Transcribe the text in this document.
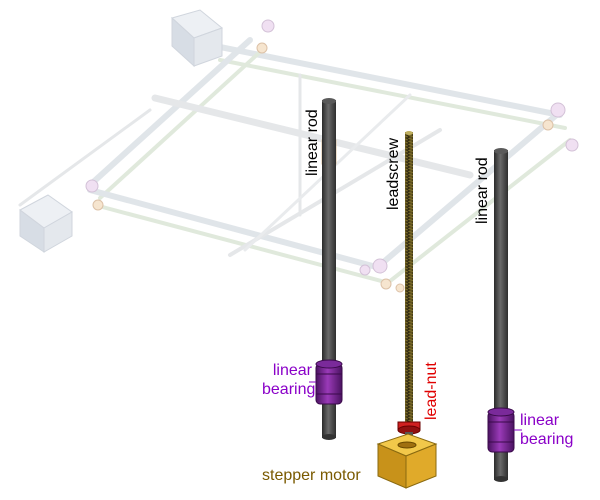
linear rod	leadscrew	linear rod
lead-nut
linear
bearing
linear
bearing
stepper motor
